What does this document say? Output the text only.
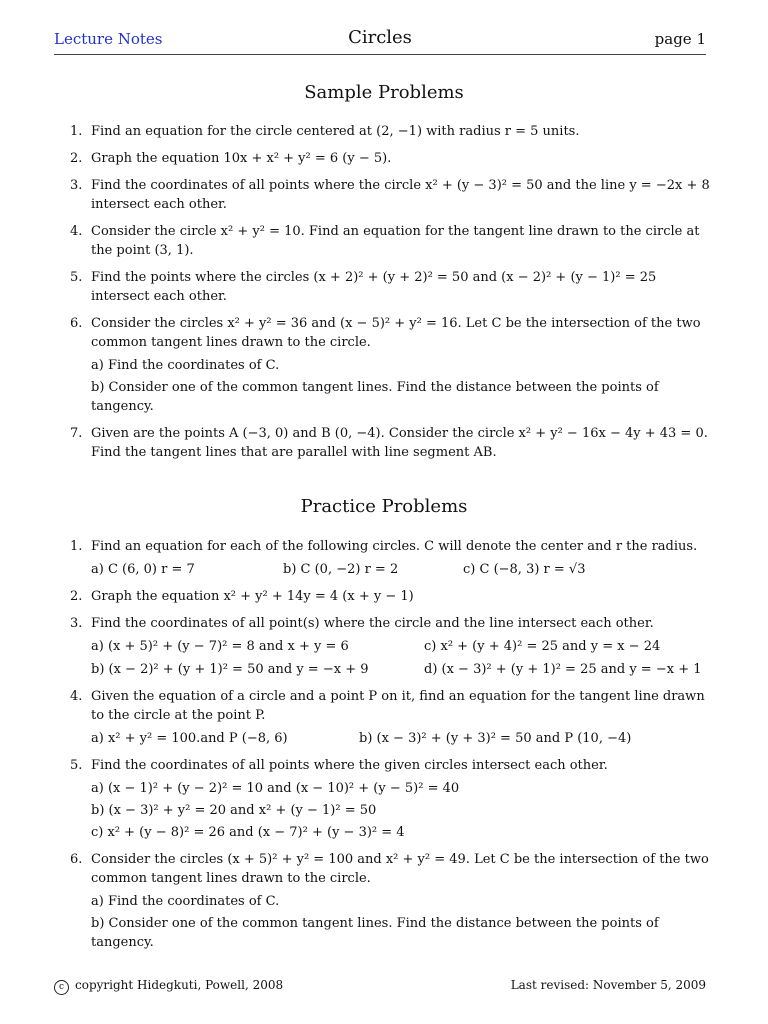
Lecture Notes	Circles	page 1
Sample Problems
1. Find an equation for the circle centered at (2, −1) with radius r = 5 units.
2. Graph the equation 10x + x² + y² = 6 (y − 5).
3. Find the coordinates of all points where the circle x² + (y − 3)² = 50 and the line y = −2x + 8 intersect each other.
4. Consider the circle x² + y² = 10. Find an equation for the tangent line drawn to the circle at the point (3, 1).
5. Find the points where the circles (x + 2)² + (y + 2)² = 50 and (x − 2)² + (y − 1)² = 25 intersect each other.
6. Consider the circles x² + y² = 36 and (x − 5)² + y² = 16. Let C be the intersection of the two common tangent lines drawn to the circle.
a) Find the coordinates of C.
b) Consider one of the common tangent lines. Find the distance between the points of tangency.
7. Given are the points A (−3, 0) and B (0, −4). Consider the circle x² + y² − 16x − 4y + 43 = 0. Find the tangent lines that are parallel with line segment AB.
Practice Problems
1. Find an equation for each of the following circles. C will denote the center and r the radius.
a) C (6, 0) r = 7	b) C (0, −2) r = 2	c) C (−8, 3) r = √3
2. Graph the equation x² + y² + 14y = 4 (x + y − 1)
3. Find the coordinates of all point(s) where the circle and the line intersect each other.
a) (x + 5)² + (y − 7)² = 8 and x + y = 6	c) x² + (y + 4)² = 25 and y = x − 24
b) (x − 2)² + (y + 1)² = 50 and y = −x + 9	d) (x − 3)² + (y + 1)² = 25 and y = −x + 1
4. Given the equation of a circle and a point P on it, find an equation for the tangent line drawn to the circle at the point P.
a) x² + y² = 100.and P (−8, 6)	b) (x − 3)² + (y + 3)² = 50 and P (10, −4)
5. Find the coordinates of all points where the given circles intersect each other.
a) (x − 1)² + (y − 2)² = 10 and (x − 10)² + (y − 5)² = 40
b) (x − 3)² + y² = 20 and x² + (y − 1)² = 50
c) x² + (y − 8)² = 26 and (x − 7)² + (y − 3)² = 4
6. Consider the circles (x + 5)² + y² = 100 and x² + y² = 49. Let C be the intersection of the two common tangent lines drawn to the circle.
a) Find the coordinates of C.
b) Consider one of the common tangent lines. Find the distance between the points of tangency.
c copyright Hidegkuti, Powell, 2008	Last revised: November 5, 2009
